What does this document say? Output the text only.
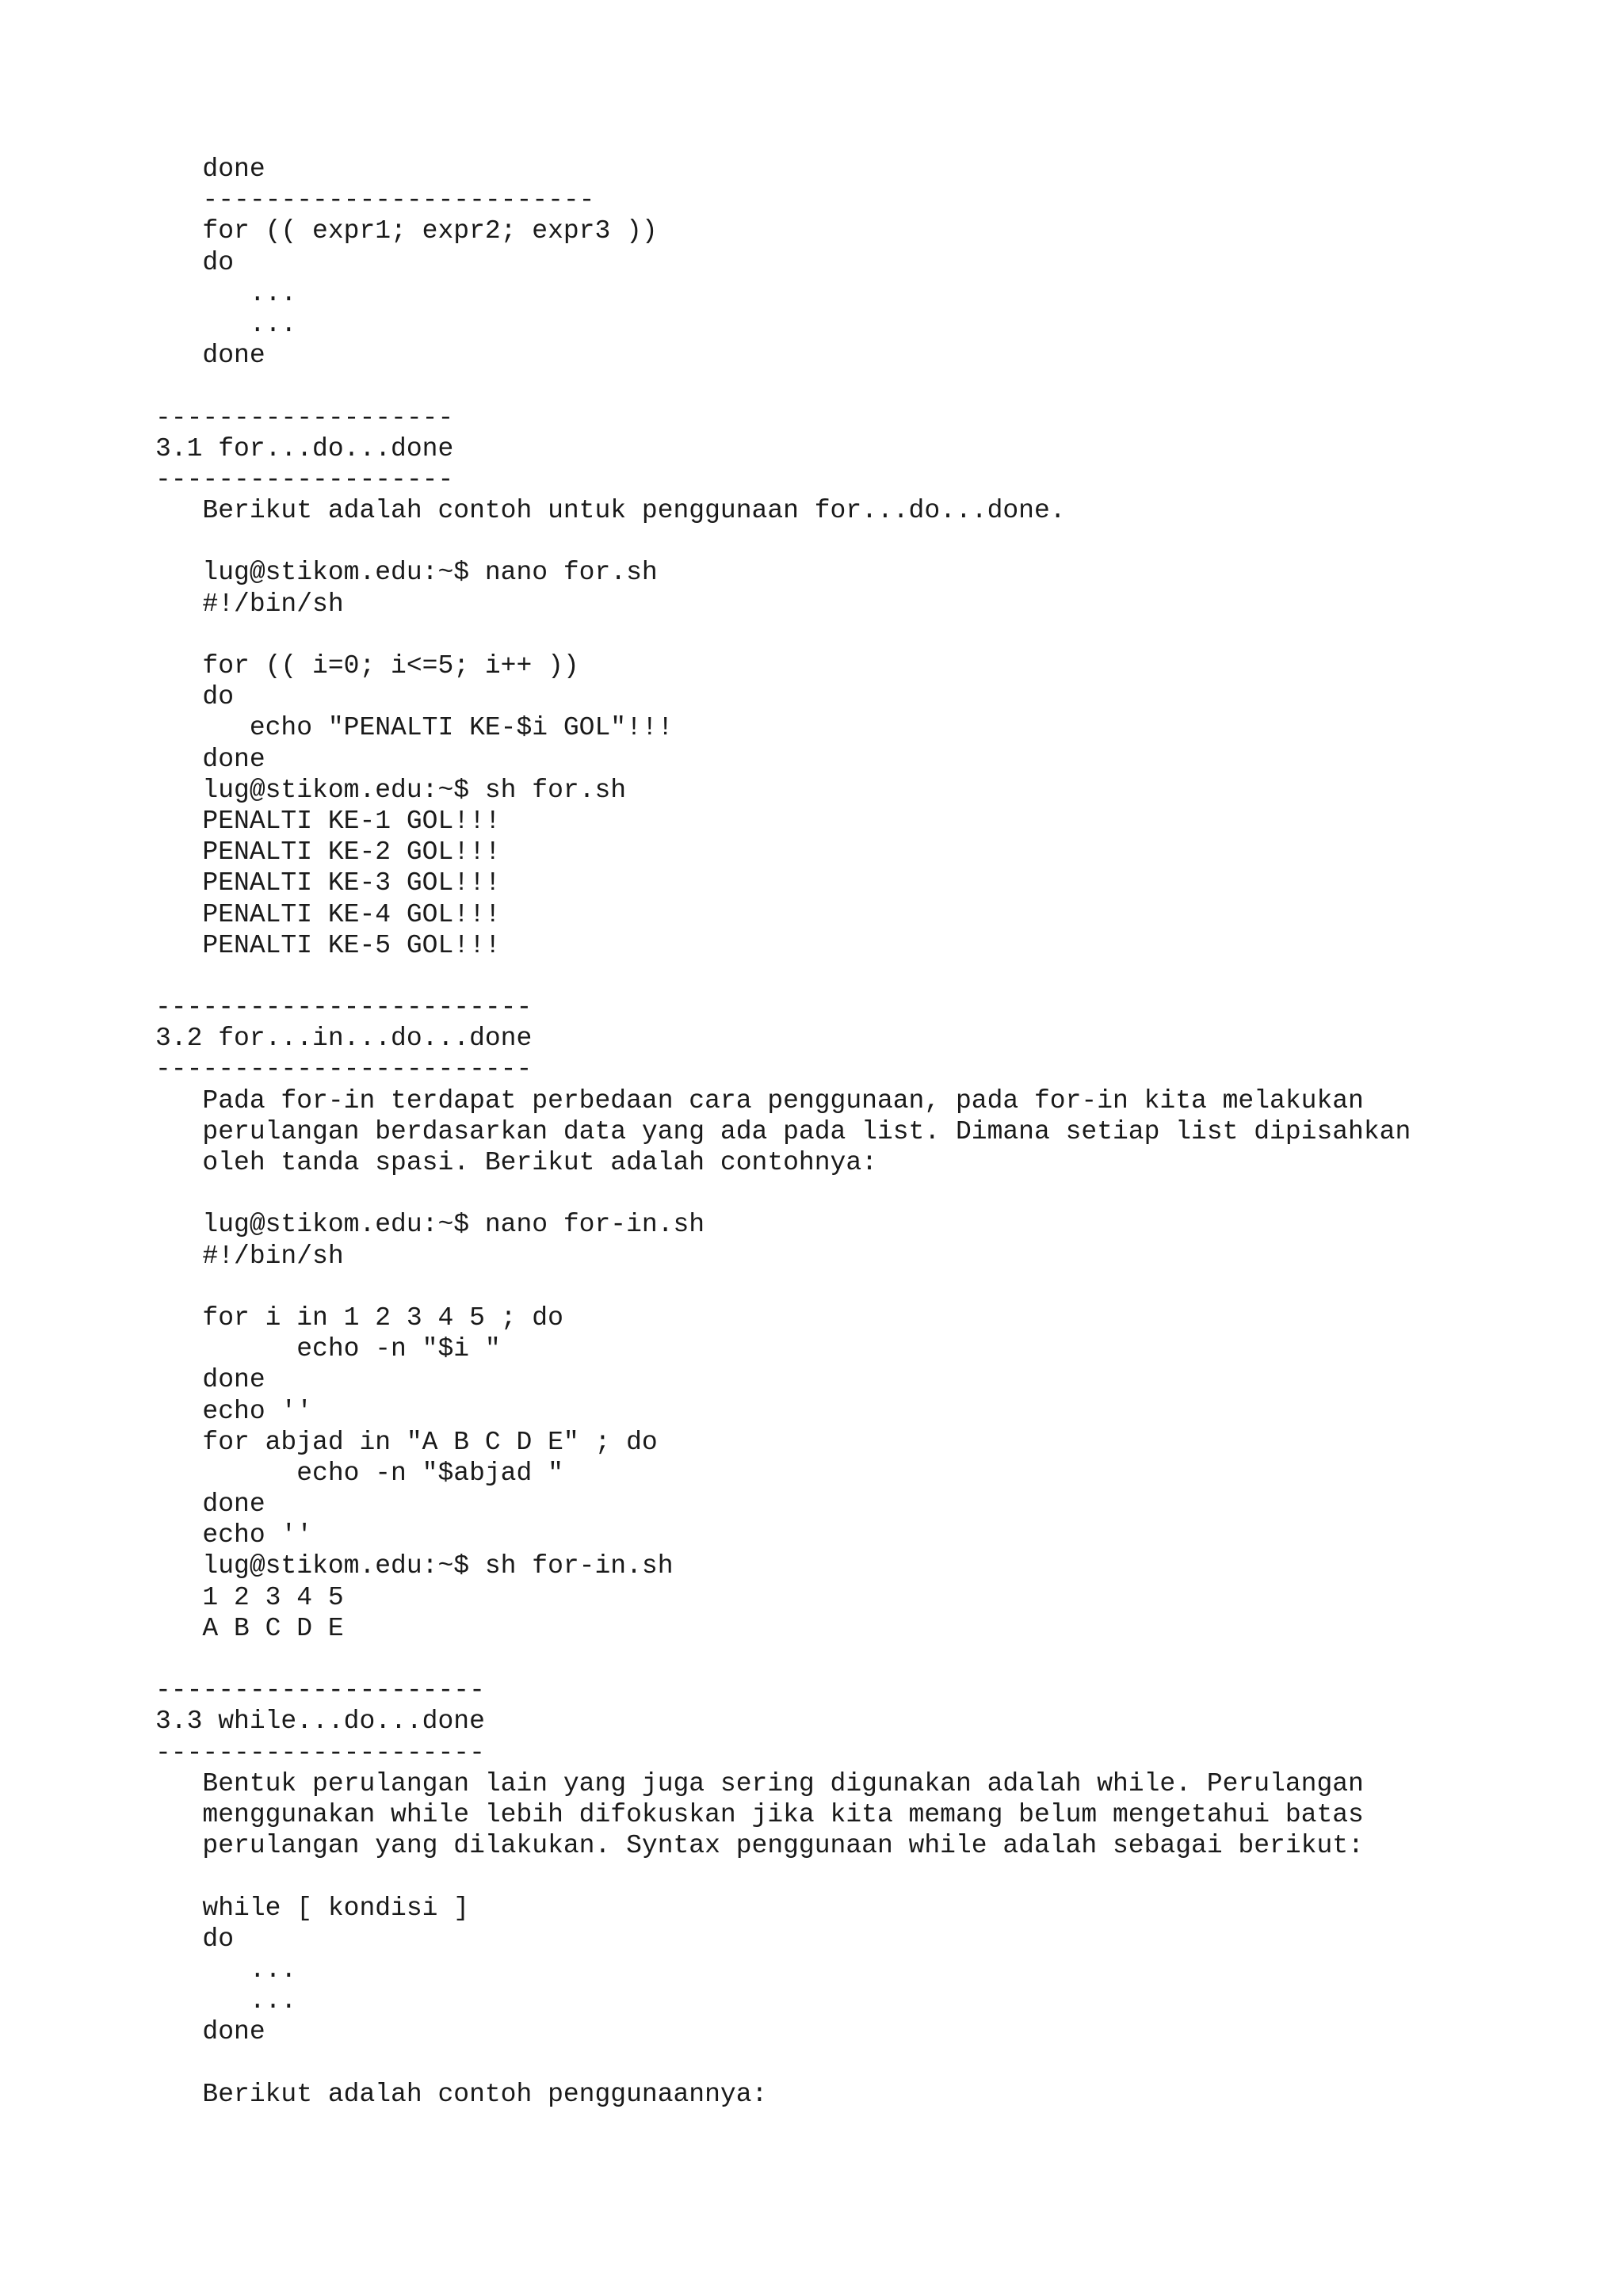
done
-------------------------
for (( expr1; expr2; expr3 ))
do
...
...
done
-------------------
3.1 for...do...done
-------------------
Berikut adalah contoh untuk penggunaan for...do...done.
lug@stikom.edu:~$ nano for.sh
#!/bin/sh
for (( i=0; i<=5; i++ ))
do
echo "PENALTI KE-$i GOL"!!!
done
lug@stikom.edu:~$ sh for.sh
PENALTI KE-1 GOL!!!
PENALTI KE-2 GOL!!!
PENALTI KE-3 GOL!!!
PENALTI KE-4 GOL!!!
PENALTI KE-5 GOL!!!
------------------------
3.2 for...in...do...done
------------------------
Pada for-in terdapat perbedaan cara penggunaan, pada for-in kita melakukan
perulangan berdasarkan data yang ada pada list. Dimana setiap list dipisahkan
oleh tanda spasi. Berikut adalah contohnya:
lug@stikom.edu:~$ nano for-in.sh
#!/bin/sh
for i in 1 2 3 4 5 ; do
echo -n "$i "
done
echo ''
for abjad in "A B C D E" ; do
echo -n "$abjad "
done
echo ''
lug@stikom.edu:~$ sh for-in.sh
1 2 3 4 5
A B C D E
---------------------
3.3 while...do...done
---------------------
Bentuk perulangan lain yang juga sering digunakan adalah while. Perulangan
menggunakan while lebih difokuskan jika kita memang belum mengetahui batas
perulangan yang dilakukan. Syntax penggunaan while adalah sebagai berikut:
while [ kondisi ]
do
...
...
done
Berikut adalah contoh penggunaannya:
